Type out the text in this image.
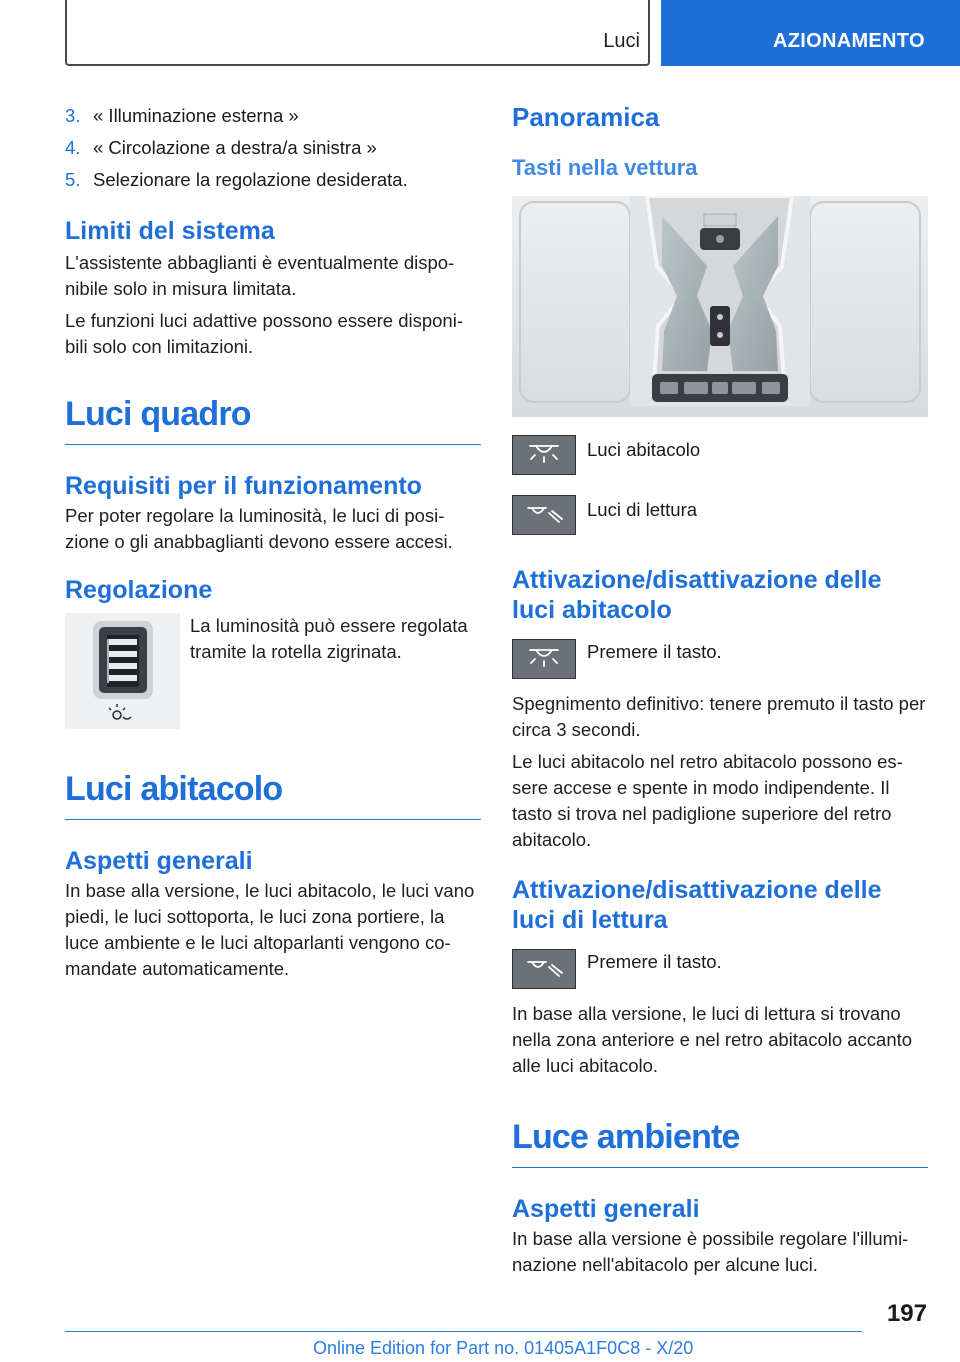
Luci	AZIONAMENTO
3. « Illuminazione esterna »
4. « Circolazione a destra/a sinistra »
5. Selezionare la regolazione desiderata.
Limiti del sistema

L'assistente abbaglianti è eventualmente dispo-nibile solo in misura limitata.

Le funzioni luci adattive possono essere disponi-bili solo con limitazioni.

Luci quadro
Requisiti per il funzionamento

Per poter regolare la luminosità, le luci di posi-zione o gli anabbaglianti devono essere accesi.

Regolazione

La luminosità può essere regolata tramite la rotella zigrinata.

Luci abitacolo
Aspetti generali

In base alla versione, le luci abitacolo, le luci vano piedi, le luci sottoporta, le luci zona portiere, la luce ambiente e le luci altoparlanti vengono co-mandate automaticamente.

Panoramica
Tasti nella vettura
Luci abitacolo
Luci di lettura
Attivazione/disattivazione delle luci abitacolo
Premere il tasto.

Spegnimento definitivo: tenere premuto il tasto per circa 3 secondi.

Le luci abitacolo nel retro abitacolo possono es-sere accese e spente in modo indipendente. Il tasto si trova nel padiglione superiore del retro abitacolo.

Attivazione/disattivazione delle luci di lettura
Premere il tasto.

In base alla versione, le luci di lettura si trovano nella zona anteriore e nel retro abitacolo accanto alle luci abitacolo.

Luce ambiente
Aspetti generali

In base alla versione è possibile regolare l'illumi-nazione nell'abitacolo per alcune luci.

197
Online Edition for Part no. 01405A1F0C8 - X/20
